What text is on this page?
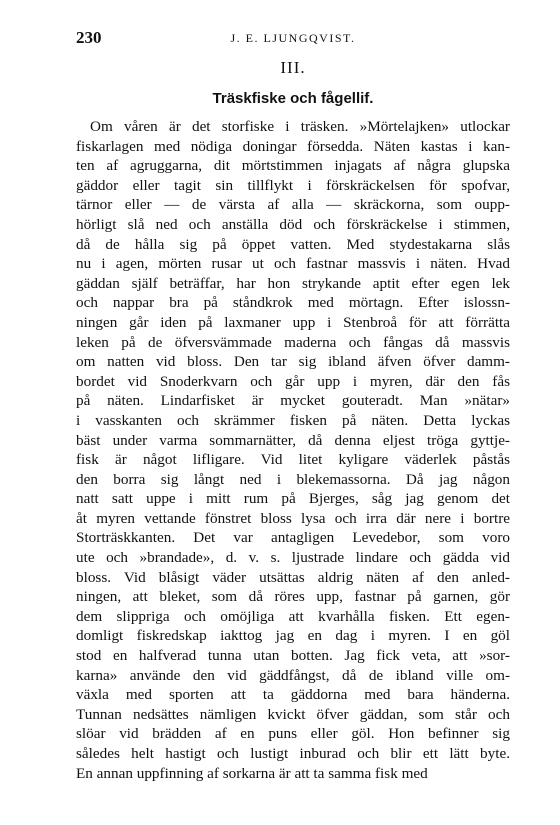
230	J. E. LJUNGQVIST.
III.
Träskfiske och fågellif.
Om våren är det storfiske i träsken. »Mörtelajken» utlockar
fiskarlagen med nödiga doningar försedda. Näten kastas i kan-
ten af agruggarna, dit mörtstimmen injagats af några glupska
gäddor eller tagit sin tillflykt i förskräckelsen för spofvar,
tärnor eller — de värsta af alla — skräckorna, som oupp-
hörligt slå ned och anställa död och förskräckelse i stimmen,
då de hålla sig på öppet vatten. Med stydestakarna slås
nu i agen, mörten rusar ut och fastnar massvis i näten. Hvad
gäddan själf beträffar, har hon strykande aptit efter egen lek
och nappar bra på ståndkrok med mörtagn. Efter islossn-
ningen går iden på laxmaner upp i Stenbroå för att förrätta
leken på de öfversvämmade maderna och fångas då massvis
om natten vid bloss. Den tar sig ibland äfven öfver damm-
bordet vid Snoderkvarn och går upp i myren, där den fås
på näten. Lindarfisket är mycket gouteradt. Man »nätar»
i vasskanten och skrämmer fisken på näten. Detta lyckas
bäst under varma sommarnätter, då denna eljest tröga gyttje-
fisk är något lifligare. Vid litet kyligare väderlek påstås
den borra sig långt ned i blekemassorna. Då jag någon
natt satt uppe i mitt rum på Bjerges, såg jag genom det
åt myren vettande fönstret bloss lysa och irra där nere i bortre
Storträskkanten. Det var antagligen Levedebor, som voro
ute och »brandade», d. v. s. ljustrade lindare och gädda vid
bloss. Vid blåsigt väder utsättas aldrig näten af den anled-
ningen, att bleket, som då röres upp, fastnar på garnen, gör
dem slippriga och omöjliga att kvarhålla fisken. Ett egen-
domligt fiskredskap iakttog jag en dag i myren. I en göl
stod en halfverad tunna utan botten. Jag fick veta, att »sor-
karna» använde den vid gäddfångst, då de ibland ville om-
växla med sporten att ta gäddorna med bara händerna.
Tunnan nedsättes nämligen kvickt öfver gäddan, som står och
slöar vid brädden af en puns eller göl. Hon befinner sig
således helt hastigt och lustigt inburad och blir ett lätt byte.
En annan uppfinning af sorkarna är att ta samma fisk med
